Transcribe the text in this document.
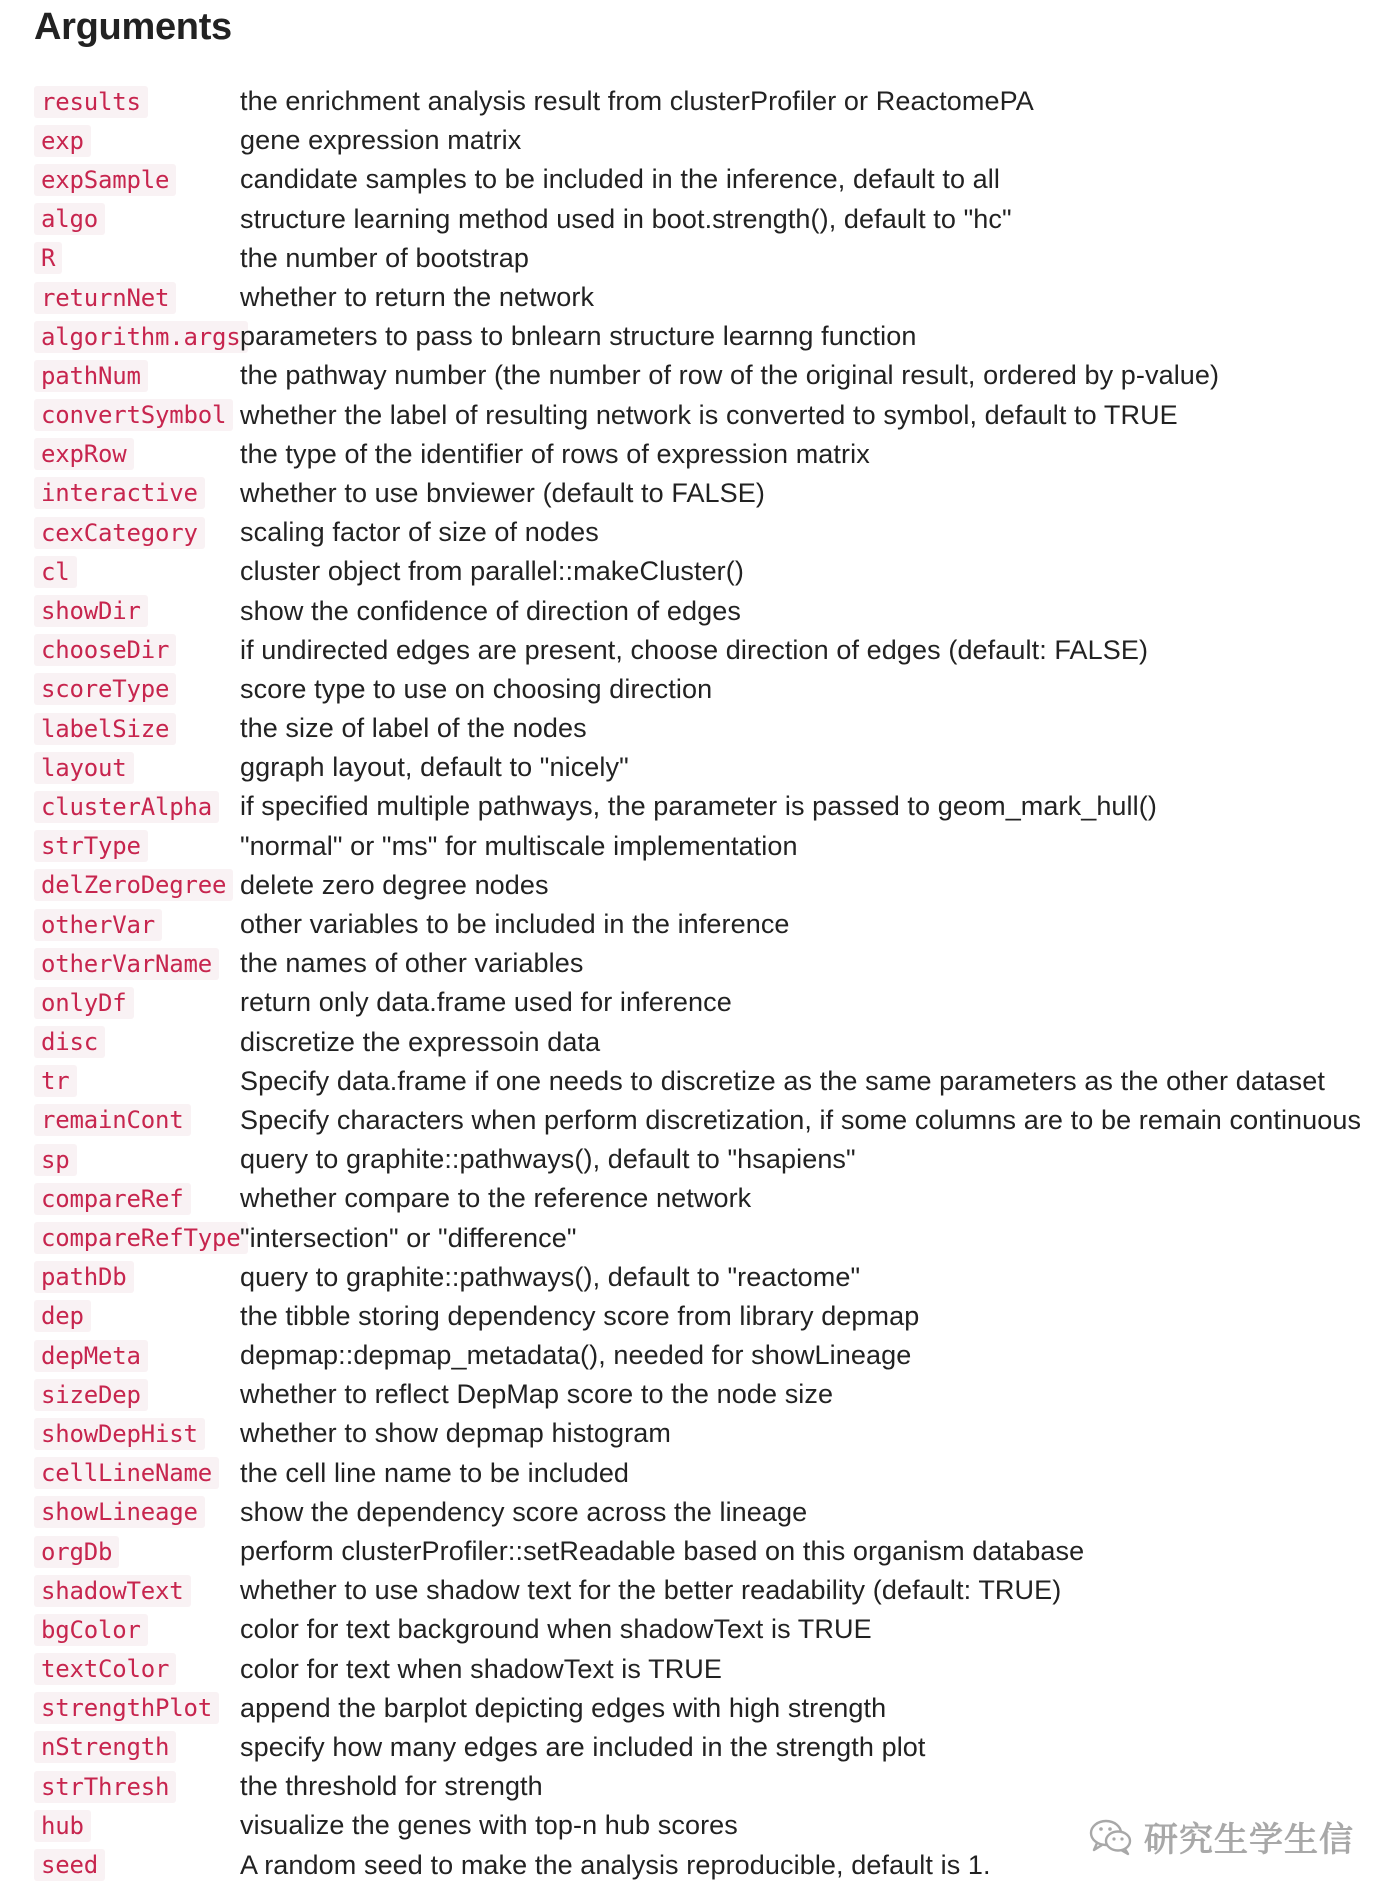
Arguments
results	the enrichment analysis result from clusterProfiler or ReactomePA
exp	gene expression matrix
expSample	candidate samples to be included in the inference, default to all
algo	structure learning method used in boot.strength(), default to "hc"
R	the number of bootstrap
returnNet	whether to return the network
algorithm.args parameters to pass to bnlearn structure learnng function
pathNum	the pathway number (the number of row of the original result, ordered by p-value)
convertSymbol whether the label of resulting network is converted to symbol, default to TRUE
expRow	the type of the identifier of rows of expression matrix
interactive whether to use bnviewer (default to FALSE)
cexCategory scaling factor of size of nodes
cl	cluster object from parallel::makeCluster()
showDir	show the confidence of direction of edges
chooseDir	if undirected edges are present, choose direction of edges (default: FALSE)
scoreType	score type to use on choosing direction
labelSize	the size of label of the nodes
layout	ggraph layout, default to "nicely"
clusterAlpha if specified multiple pathways, the parameter is passed to geom_mark_hull()
strType	"normal" or "ms" for multiscale implementation
delZeroDegree delete zero degree nodes
otherVar	other variables to be included in the inference
otherVarName the names of other variables
onlyDf	return only data.frame used for inference
disc	discretize the expressoin data
tr	Specify data.frame if one needs to discretize as the same parameters as the other dataset
remainCont Specify characters when perform discretization, if some columns are to be remain continuous
sp	query to graphite::pathways(), default to "hsapiens"
compareRef whether compare to the reference network
compareRefType "intersection" or "difference"
pathDb	query to graphite::pathways(), default to "reactome"
dep	the tibble storing dependency score from library depmap
depMeta	depmap::depmap_metadata(), needed for showLineage
sizeDep	whether to reflect DepMap score to the node size
showDepHist whether to show depmap histogram
cellLineName the cell line name to be included
showLineage show the dependency score across the lineage
orgDb	perform clusterProfiler::setReadable based on this organism database
shadowText whether to use shadow text for the better readability (default: TRUE)
bgColor	color for text background when shadowText is TRUE
textColor	color for text when shadowText is TRUE
strengthPlot append the barplot depicting edges with high strength
nStrength	specify how many edges are included in the strength plot
strThresh	the threshold for strength
hub	visualize the genes with top-n hub scores
seed	A random seed to make the analysis reproducible, default is 1.
研究生学生信
